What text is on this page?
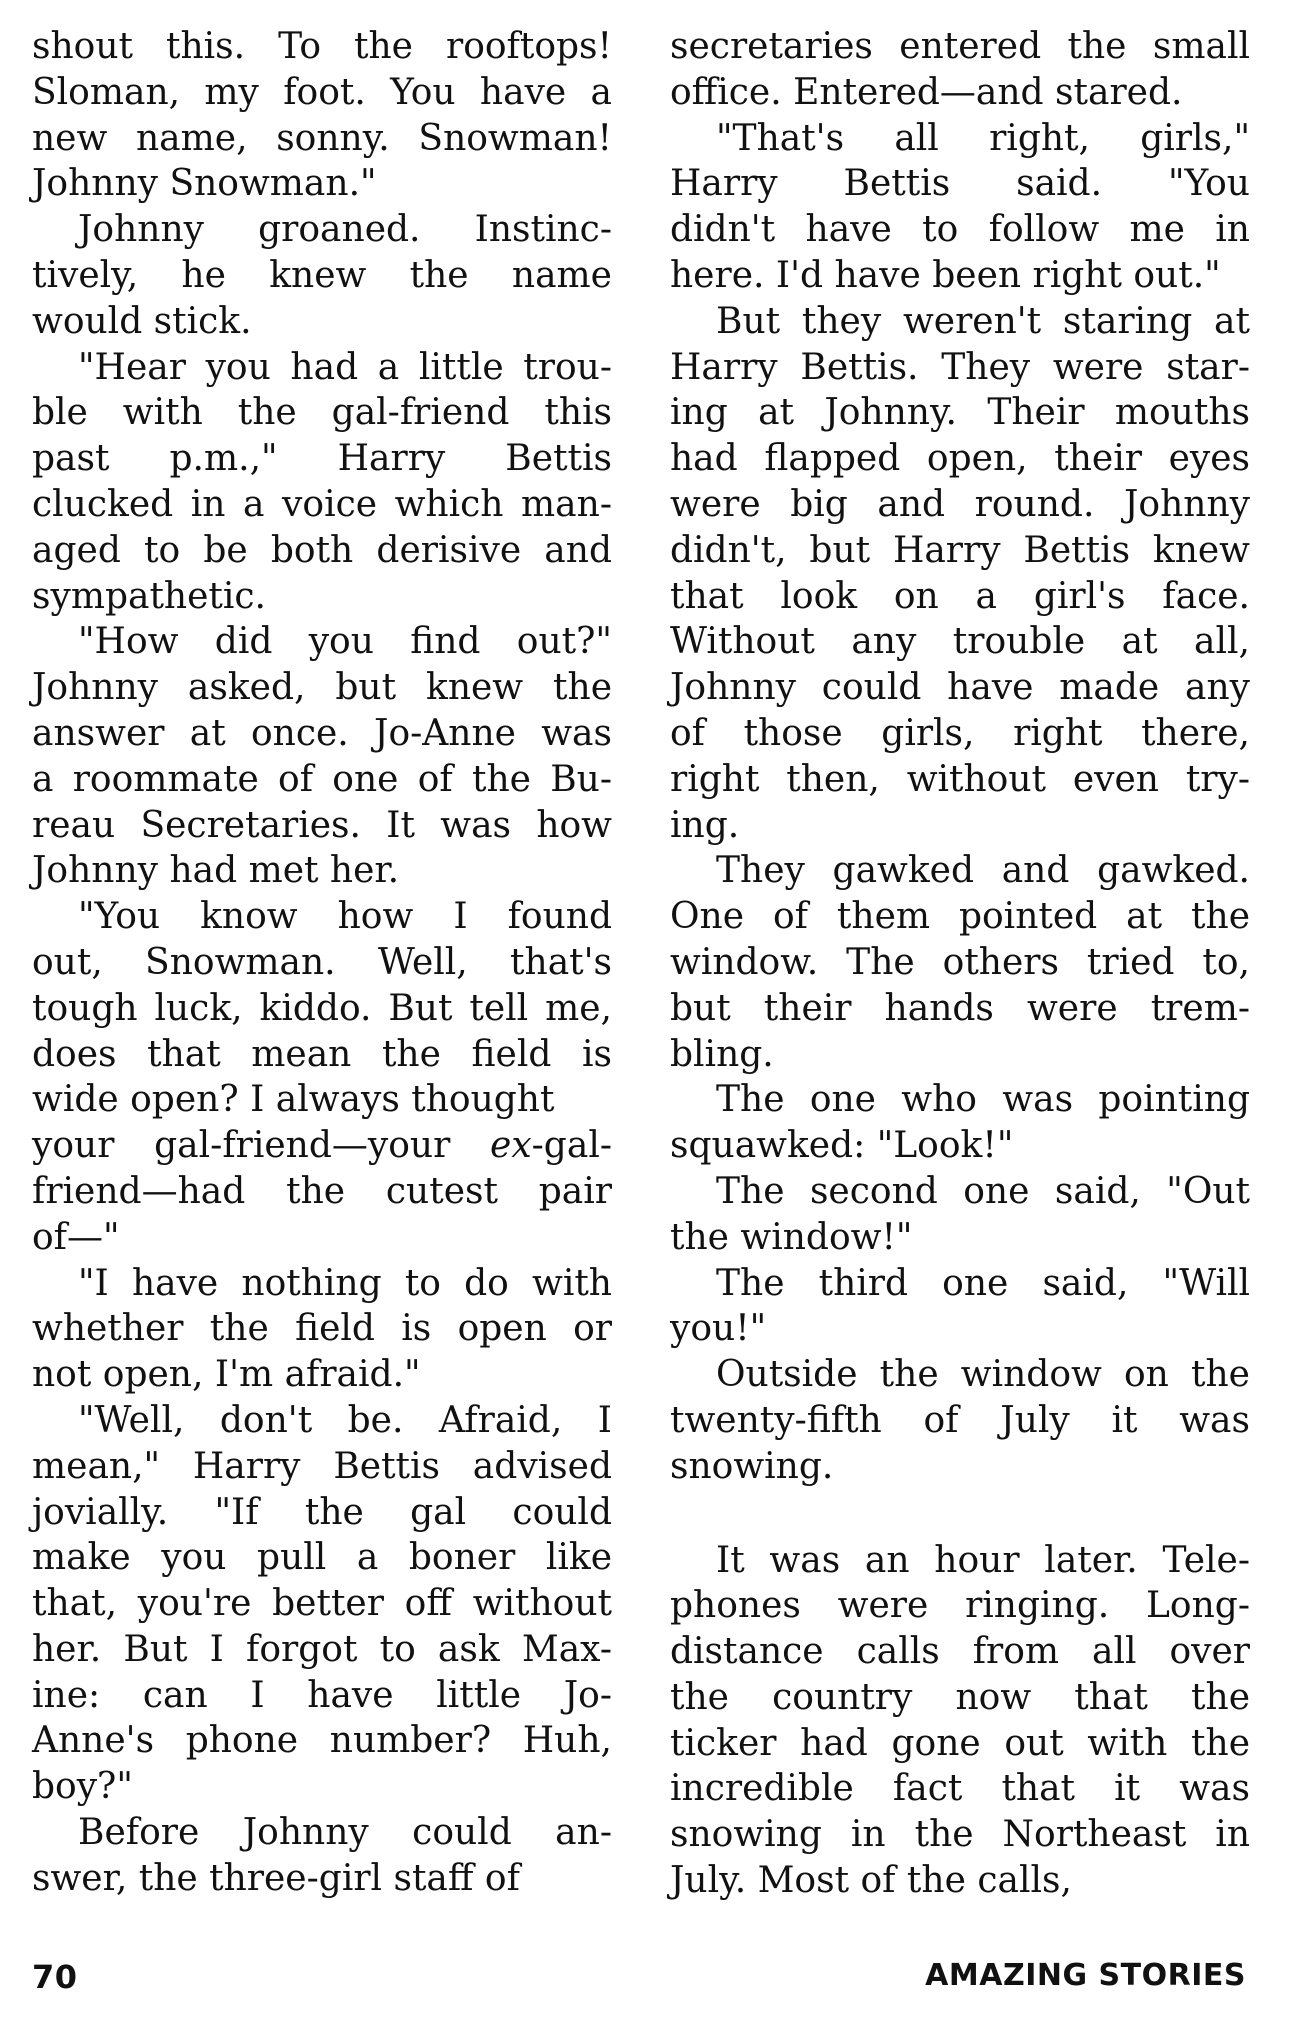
shout this. To the rooftops!
Sloman, my foot. You have a
new name, sonny. Snowman!
Johnny Snowman."
Johnny groaned. Instinc-
tively, he knew the name
would stick.
"Hear you had a little trou-
ble with the gal-friend this
past p.m.," Harry Bettis
clucked in a voice which man-
aged to be both derisive and
sympathetic.
"How did you find out?"
Johnny asked, but knew the
answer at once. Jo-Anne was
a roommate of one of the Bu-
reau Secretaries. It was how
Johnny had met her.
"You know how I found
out, Snowman. Well, that's
tough luck, kiddo. But tell me,
does that mean the field is
wide open? I always thought
your gal-friend—your ex-gal-
friend—had the cutest pair
of—"
"I have nothing to do with
whether the field is open or
not open, I'm afraid."
"Well, don't be. Afraid, I
mean," Harry Bettis advised
jovially. "If the gal could
make you pull a boner like
that, you're better off without
her. But I forgot to ask Max-
ine: can I have little Jo-
Anne's phone number? Huh,
boy?"
Before Johnny could an-
swer, the three-girl staff of
secretaries entered the small
office. Entered—and stared.
"That's all right, girls,"
Harry Bettis said. "You
didn't have to follow me in
here. I'd have been right out."
But they weren't staring at
Harry Bettis. They were star-
ing at Johnny. Their mouths
had flapped open, their eyes
were big and round. Johnny
didn't, but Harry Bettis knew
that look on a girl's face.
Without any trouble at all,
Johnny could have made any
of those girls, right there,
right then, without even try-
ing.
They gawked and gawked.
One of them pointed at the
window. The others tried to,
but their hands were trem-
bling.
The one who was pointing
squawked: "Look!"
The second one said, "Out
the window!"
The third one said, "Will
you!"
Outside the window on the
twenty-fifth of July it was
snowing.
It was an hour later. Tele-
phones were ringing. Long-
distance calls from all over
the country now that the
ticker had gone out with the
incredible fact that it was
snowing in the Northeast in
July. Most of the calls,
70	AMAZING STORIES
